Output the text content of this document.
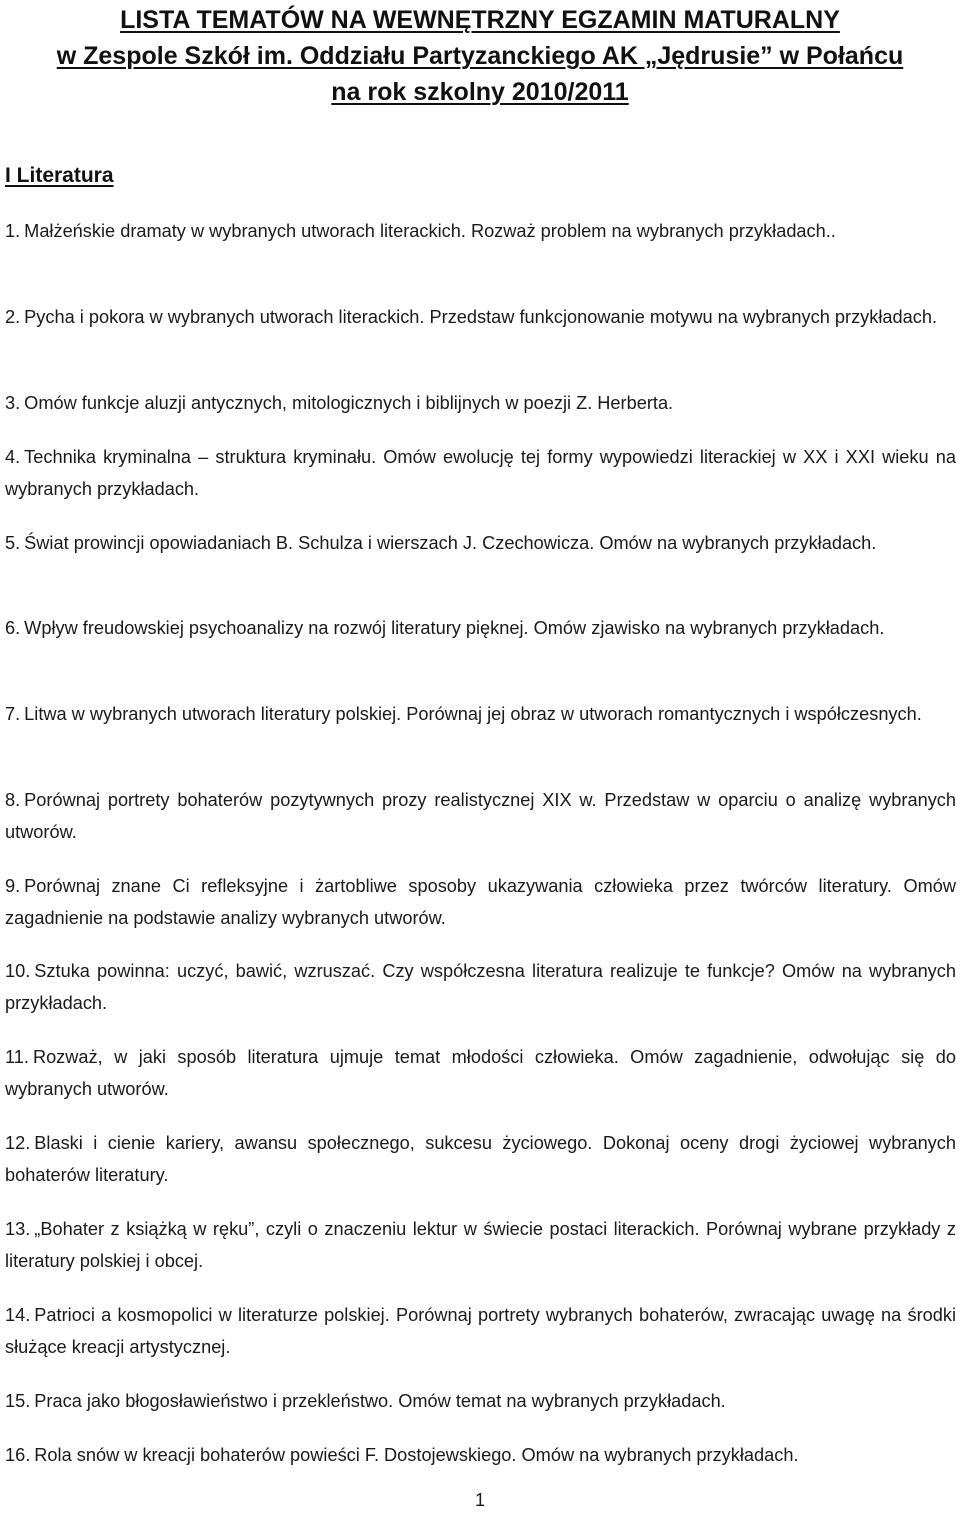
LISTA TEMATÓW NA WEWNĘTRZNY EGZAMIN MATURALNY
w Zespole Szkół im. Oddziału Partyzanckiego AK „Jędrusie” w Połańcu
na rok szkolny 2010/2011
I Literatura
1. Małżeńskie dramaty w wybranych utworach literackich. Rozważ problem na wybranych przykładach..
2. Pycha i pokora w wybranych utworach literackich. Przedstaw funkcjonowanie motywu na wybranych przykładach.
3. Omów funkcje aluzji antycznych, mitologicznych i biblijnych w poezji Z. Herberta.
4. Technika kryminalna – struktura kryminału. Omów ewolucję tej formy wypowiedzi literackiej w XX i XXI wieku na wybranych przykładach.
5. Świat prowincji opowiadaniach B. Schulza i wierszach J. Czechowicza. Omów na wybranych przykładach.
6. Wpływ freudowskiej psychoanalizy na rozwój literatury pięknej. Omów zjawisko na wybranych przykładach.
7. Litwa w wybranych utworach literatury polskiej. Porównaj jej obraz w utworach romantycznych i współczesnych.
8. Porównaj portrety bohaterów pozytywnych prozy realistycznej XIX w. Przedstaw w oparciu o analizę wybranych utworów.
9. Porównaj znane Ci refleksyjne i żartobliwe sposoby ukazywania człowieka przez twórców literatury. Omów zagadnienie na podstawie analizy wybranych utworów.
10. Sztuka powinna: uczyć, bawić, wzruszać. Czy współczesna literatura realizuje te funkcje? Omów na wybranych przykładach.
11. Rozważ, w jaki sposób literatura ujmuje temat młodości człowieka. Omów zagadnienie, odwołując się do wybranych utworów.
12. Blaski i cienie kariery, awansu społecznego, sukcesu życiowego. Dokonaj oceny drogi życiowej wybranych bohaterów literatury.
13. „Bohater z książką w ręku”, czyli o znaczeniu lektur w świecie postaci literackich. Porównaj wybrane przykłady z literatury polskiej i obcej.
14. Patrioci a kosmopolici w literaturze polskiej. Porównaj portrety wybranych bohaterów, zwracając uwagę na środki służące kreacji artystycznej.
15. Praca jako błogosławieństwo i przekleństwo. Omów temat na wybranych przykładach.
16. Rola snów w kreacji bohaterów powieści F. Dostojewskiego. Omów na wybranych przykładach.
1
